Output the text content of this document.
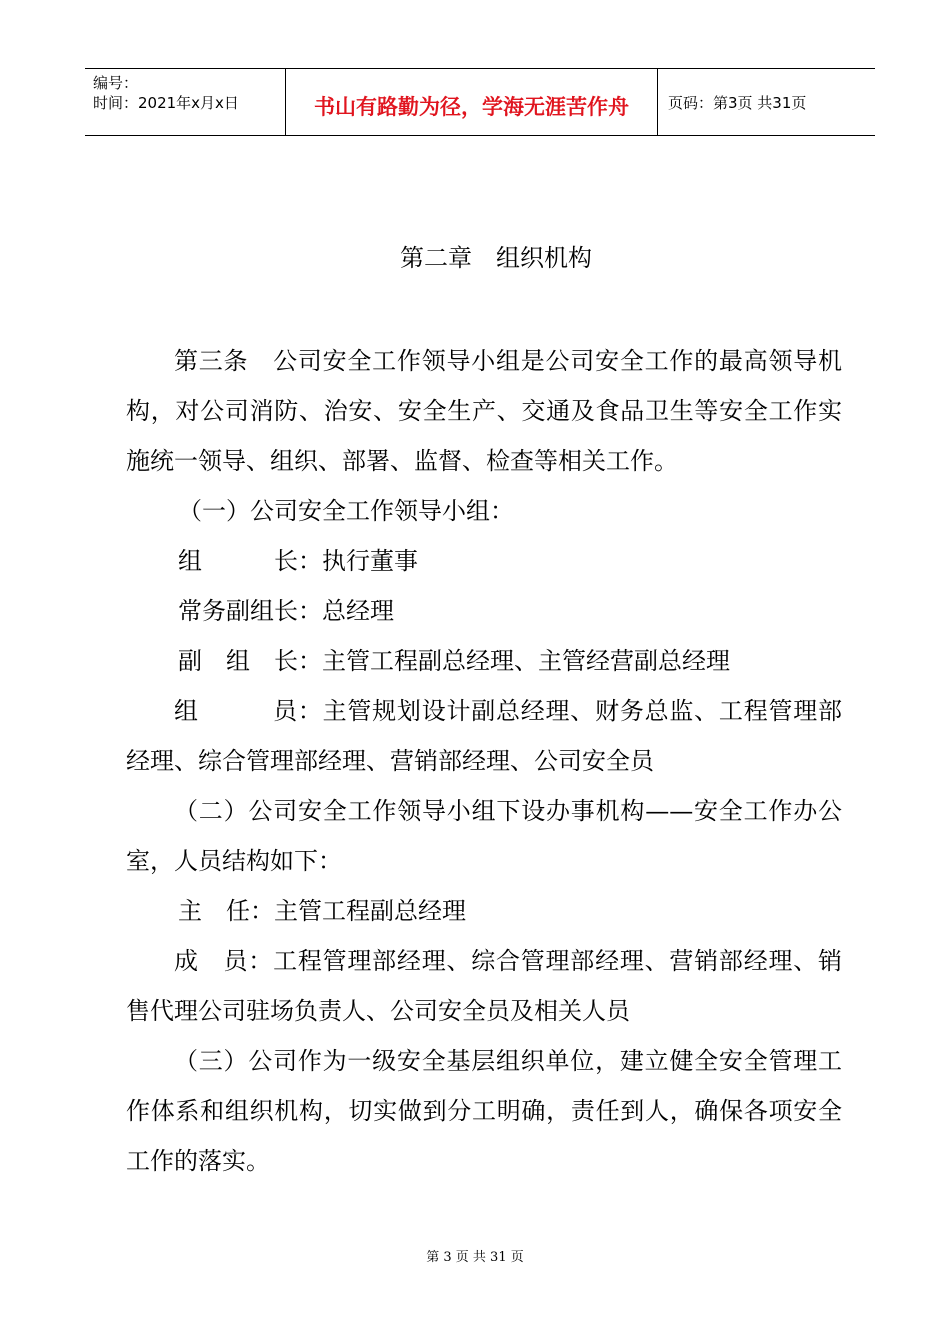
编号：
时间：2021年x月x日	书山有路勤为径，学海无涯苦作舟	页码：第3页 共31页
第二章　组织机构

第三条　公司安全工作领导小组是公司安全工作的最高领导机构，对公司消防、治安、安全生产、交通及食品卫生等安全工作实施统一领导、组织、部署、监督、检查等相关工作。

（一）公司安全工作领导小组：

组　　　长：执行董事

常务副组长：总经理

副　组　长：主管工程副总经理、主管经营副总经理

组　　　员：主管规划设计副总经理、财务总监、工程管理部经理、综合管理部经理、营销部经理、公司安全员

（二）公司安全工作领导小组下设办事机构——安全工作办公室，人员结构如下：

主　任：主管工程副总经理

成　员：工程管理部经理、综合管理部经理、营销部经理、销售代理公司驻场负责人、公司安全员及相关人员

（三）公司作为一级安全基层组织单位，建立健全安全管理工作体系和组织机构，切实做到分工明确，责任到人，确保各项安全工作的落实。

第 3 页 共 31 页
